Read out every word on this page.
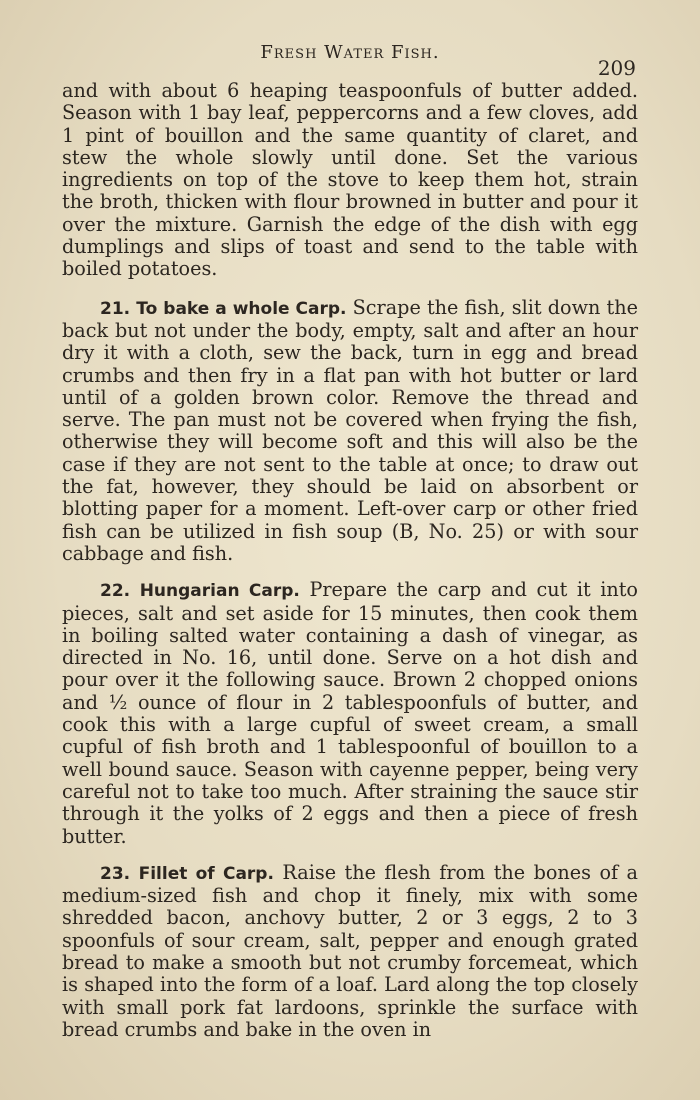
Fresh Water Fish.
209

and with about 6 heaping teaspoonfuls of butter added. Season with 1 bay leaf, peppercorns and a few cloves, add 1 pint of bouillon and the same quantity of claret, and stew the whole slowly until done. Set the various ingredients on top of the stove to keep them hot, strain the broth, thicken with flour browned in butter and pour it over the mixture. Garnish the edge of the dish with egg dumplings and slips of toast and send to the table with boiled potatoes.

21. To bake a whole Carp. Scrape the fish, slit down the back but not under the body, empty, salt and after an hour dry it with a cloth, sew the back, turn in egg and bread crumbs and then fry in a flat pan with hot butter or lard until of a golden brown color. Remove the thread and serve. The pan must not be covered when frying the fish, otherwise they will become soft and this will also be the case if they are not sent to the table at once; to draw out the fat, however, they should be laid on absorbent or blotting paper for a moment. Left-over carp or other fried fish can be utilized in fish soup (B, No. 25) or with sour cabbage and fish.

22. Hungarian Carp. Prepare the carp and cut it into pieces, salt and set aside for 15 minutes, then cook them in boiling salted water containing a dash of vinegar, as directed in No. 16, until done. Serve on a hot dish and pour over it the following sauce. Brown 2 chopped onions and ½ ounce of flour in 2 tablespoonfuls of butter, and cook this with a large cupful of sweet cream, a small cupful of fish broth and 1 tablespoonful of bouillon to a well bound sauce. Season with cayenne pepper, being very careful not to take too much. After straining the sauce stir through it the yolks of 2 eggs and then a piece of fresh butter.

23. Fillet of Carp. Raise the flesh from the bones of a medium-sized fish and chop it finely, mix with some shredded bacon, anchovy butter, 2 or 3 eggs, 2 to 3 spoonfuls of sour cream, salt, pepper and enough grated bread to make a smooth but not crumby forcemeat, which is shaped into the form of a loaf. Lard along the top closely with small pork fat lardoons, sprinkle the surface with bread crumbs and bake in the oven in
